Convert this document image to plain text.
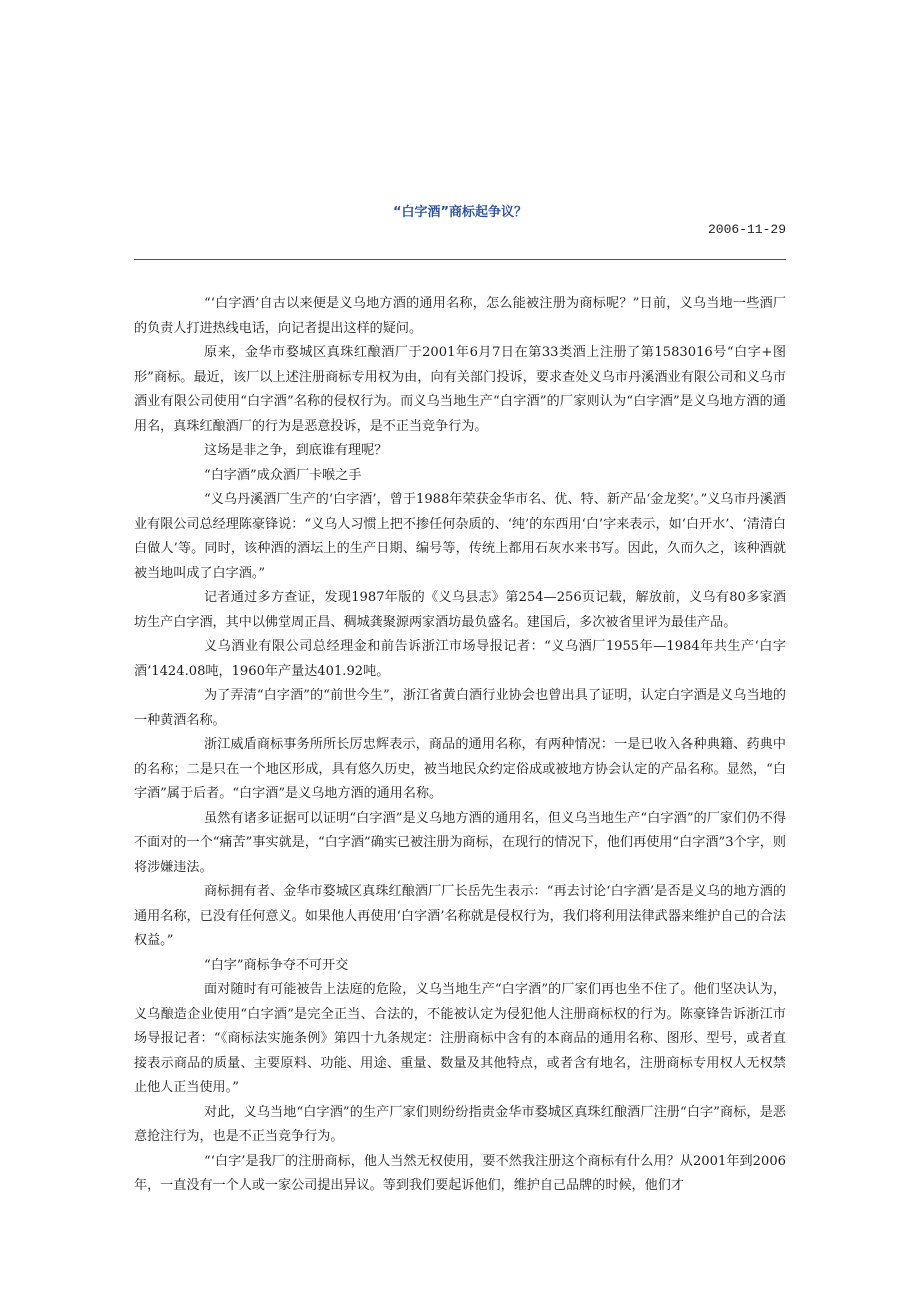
“白字酒”商标起争议？
2006-11-29

“‘白字酒’自古以来便是义乌地方酒的通用名称，怎么能被注册为商标呢？”日前，义乌当地一些酒厂的负责人打进热线电话，向记者提出这样的疑问。

原来，金华市婺城区真珠红酿酒厂于2001年6月7日在第33类酒上注册了第1583016号“白字+图形”商标。最近，该厂以上述注册商标专用权为由，向有关部门投诉，要求查处义乌市丹溪酒业有限公司和义乌市酒业有限公司使用“白字酒”名称的侵权行为。而义乌当地生产“白字酒”的厂家则认为“白字酒”是义乌地方酒的通用名，真珠红酿酒厂的行为是恶意投诉，是不正当竞争行为。

这场是非之争，到底谁有理呢？

“白字酒”成众酒厂卡喉之手

“义乌丹溪酒厂生产的‘白字酒’，曾于1988年荣获金华市名、优、特、新产品‘金龙奖’。”义乌市丹溪酒业有限公司总经理陈豪锋说：“义乌人习惯上把不掺任何杂质的、‘纯’的东西用‘白’字来表示，如‘白开水’、‘清清白白做人’等。同时，该种酒的酒坛上的生产日期、编号等，传统上都用石灰水来书写。因此，久而久之，该种酒就被当地叫成了白字酒。”

记者通过多方查证，发现1987年版的《义乌县志》第254—256页记载，解放前，义乌有80多家酒坊生产白字酒，其中以佛堂周正昌、稠城龚聚源两家酒坊最负盛名。建国后，多次被省里评为最佳产品。

义乌酒业有限公司总经理金和前告诉浙江市场导报记者：“义乌酒厂1955年—1984年共生产‘白字酒’1424.08吨，1960年产量达401.92吨。

为了弄清“白字酒”的“前世今生”，浙江省黄白酒行业协会也曾出具了证明，认定白字酒是义乌当地的一种黄酒名称。

浙江威盾商标事务所所长厉忠辉表示，商品的通用名称，有两种情况：一是已收入各种典籍、药典中的名称；二是只在一个地区形成，具有悠久历史，被当地民众约定俗成或被地方协会认定的产品名称。显然，“白字酒”属于后者。“白字酒”是义乌地方酒的通用名称。

虽然有诸多证据可以证明“白字酒”是义乌地方酒的通用名，但义乌当地生产“白字酒”的厂家们仍不得不面对的一个“痛苦”事实就是，“白字酒”确实已被注册为商标，在现行的情况下，他们再使用“白字酒”3个字，则将涉嫌违法。

商标拥有者、金华市婺城区真珠红酿酒厂厂长岳先生表示：“再去讨论‘白字酒’是否是义乌的地方酒的通用名称，已没有任何意义。如果他人再使用‘白字酒’名称就是侵权行为，我们将利用法律武器来维护自己的合法权益。”

“白字”商标争夺不可开交

面对随时有可能被告上法庭的危险，义乌当地生产“白字酒”的厂家们再也坐不住了。他们坚决认为，义乌酿造企业使用“白字酒”是完全正当、合法的，不能被认定为侵犯他人注册商标权的行为。陈豪锋告诉浙江市场导报记者：“《商标法实施条例》第四十九条规定：注册商标中含有的本商品的通用名称、图形、型号，或者直接表示商品的质量、主要原料、功能、用途、重量、数量及其他特点，或者含有地名，注册商标专用权人无权禁止他人正当使用。”

对此，义乌当地“白字酒”的生产厂家们则纷纷指责金华市婺城区真珠红酿酒厂注册“白字”商标，是恶意抢注行为，也是不正当竞争行为。

“‘白字’是我厂的注册商标，他人当然无权使用，要不然我注册这个商标有什么用？从2001年到2006年，一直没有一个人或一家公司提出异议。等到我们要起诉他们，维护自己品牌的时候，他们才
